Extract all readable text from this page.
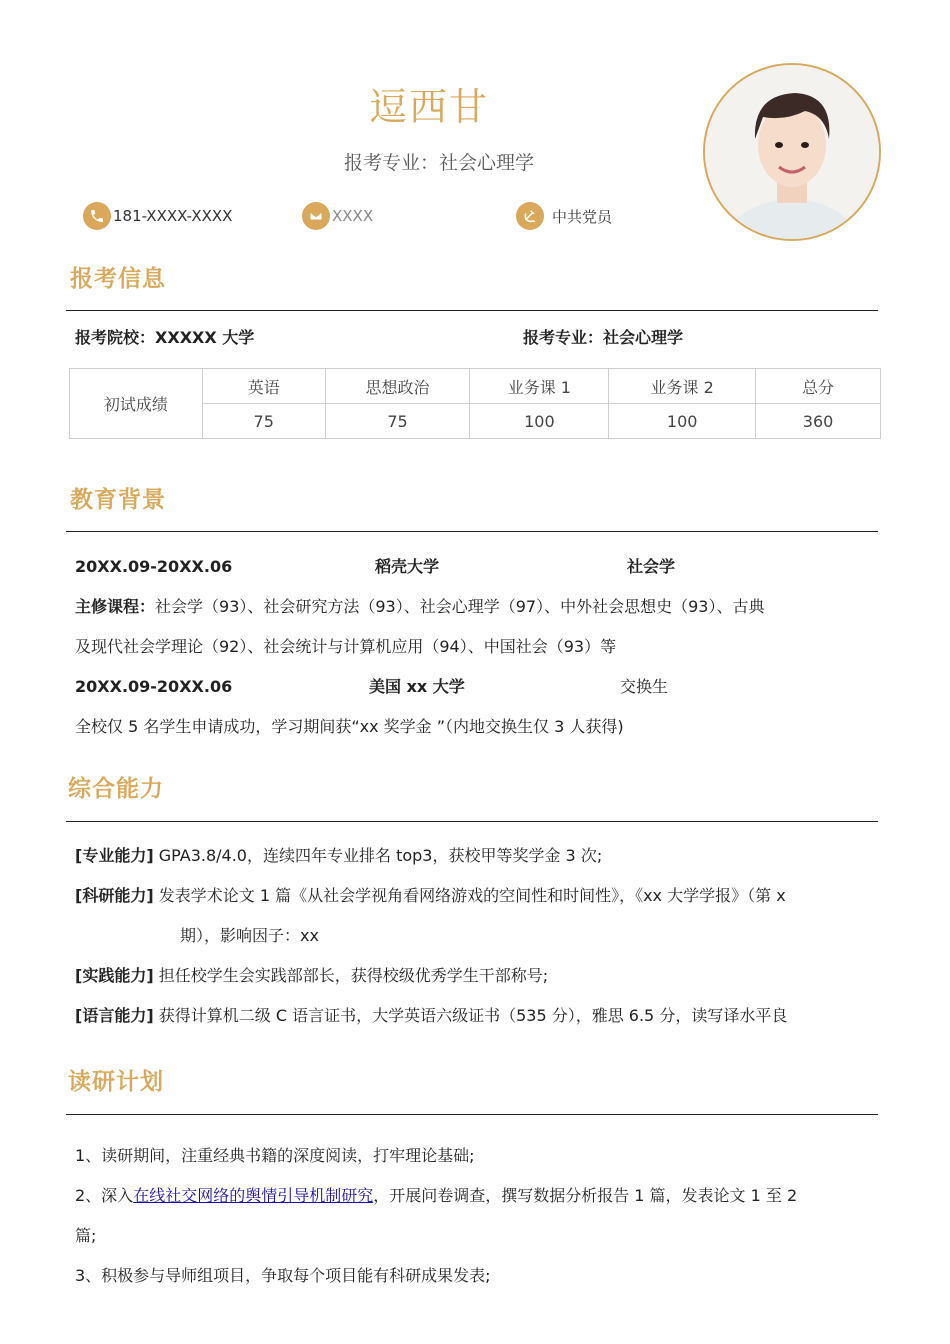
逗西甘
报考专业：社会心理学
181-XXXX-XXXX	XXXX	中共党员
报考信息
报考院校：XXXXX 大学	报考专业：社会心理学
初试成绩	英语	思想政治	业务课 1	业务课 2	总分
	75	75	100	100	360
教育背景
20XX.09-20XX.06	稻壳大学	社会学
主修课程：社会学（93）、社会研究方法（93）、社会心理学（97）、中外社会思想史（93）、古典
及现代社会学理论（92）、社会统计与计算机应用（94）、中国社会（93）等
20XX.09-20XX.06	美国 xx 大学	交换生
全校仅 5 名学生申请成功，学习期间获“xx 奖学金 ”（内地交换生仅 3 人获得)
综合能力
[专业能力] GPA3.8/4.0，连续四年专业排名 top3，获校甲等奖学金 3 次;
[科研能力] 发表学术论文 1 篇《从社会学视角看网络游戏的空间性和时间性》，《xx 大学学报》（第 x
期），影响因子：xx
[实践能力] 担任校学生会实践部部长，获得校级优秀学生干部称号;
[语言能力] 获得计算机二级 C 语言证书，大学英语六级证书（535 分），雅思 6.5 分，读写译水平良
读研计划
1、读研期间，注重经典书籍的深度阅读，打牢理论基础;
2、深入在线社交网络的舆情引导机制研究，开展问卷调查，撰写数据分析报告 1 篇，发表论文 1 至 2
篇;
3、积极参与导师组项目，争取每个项目能有科研成果发表;
